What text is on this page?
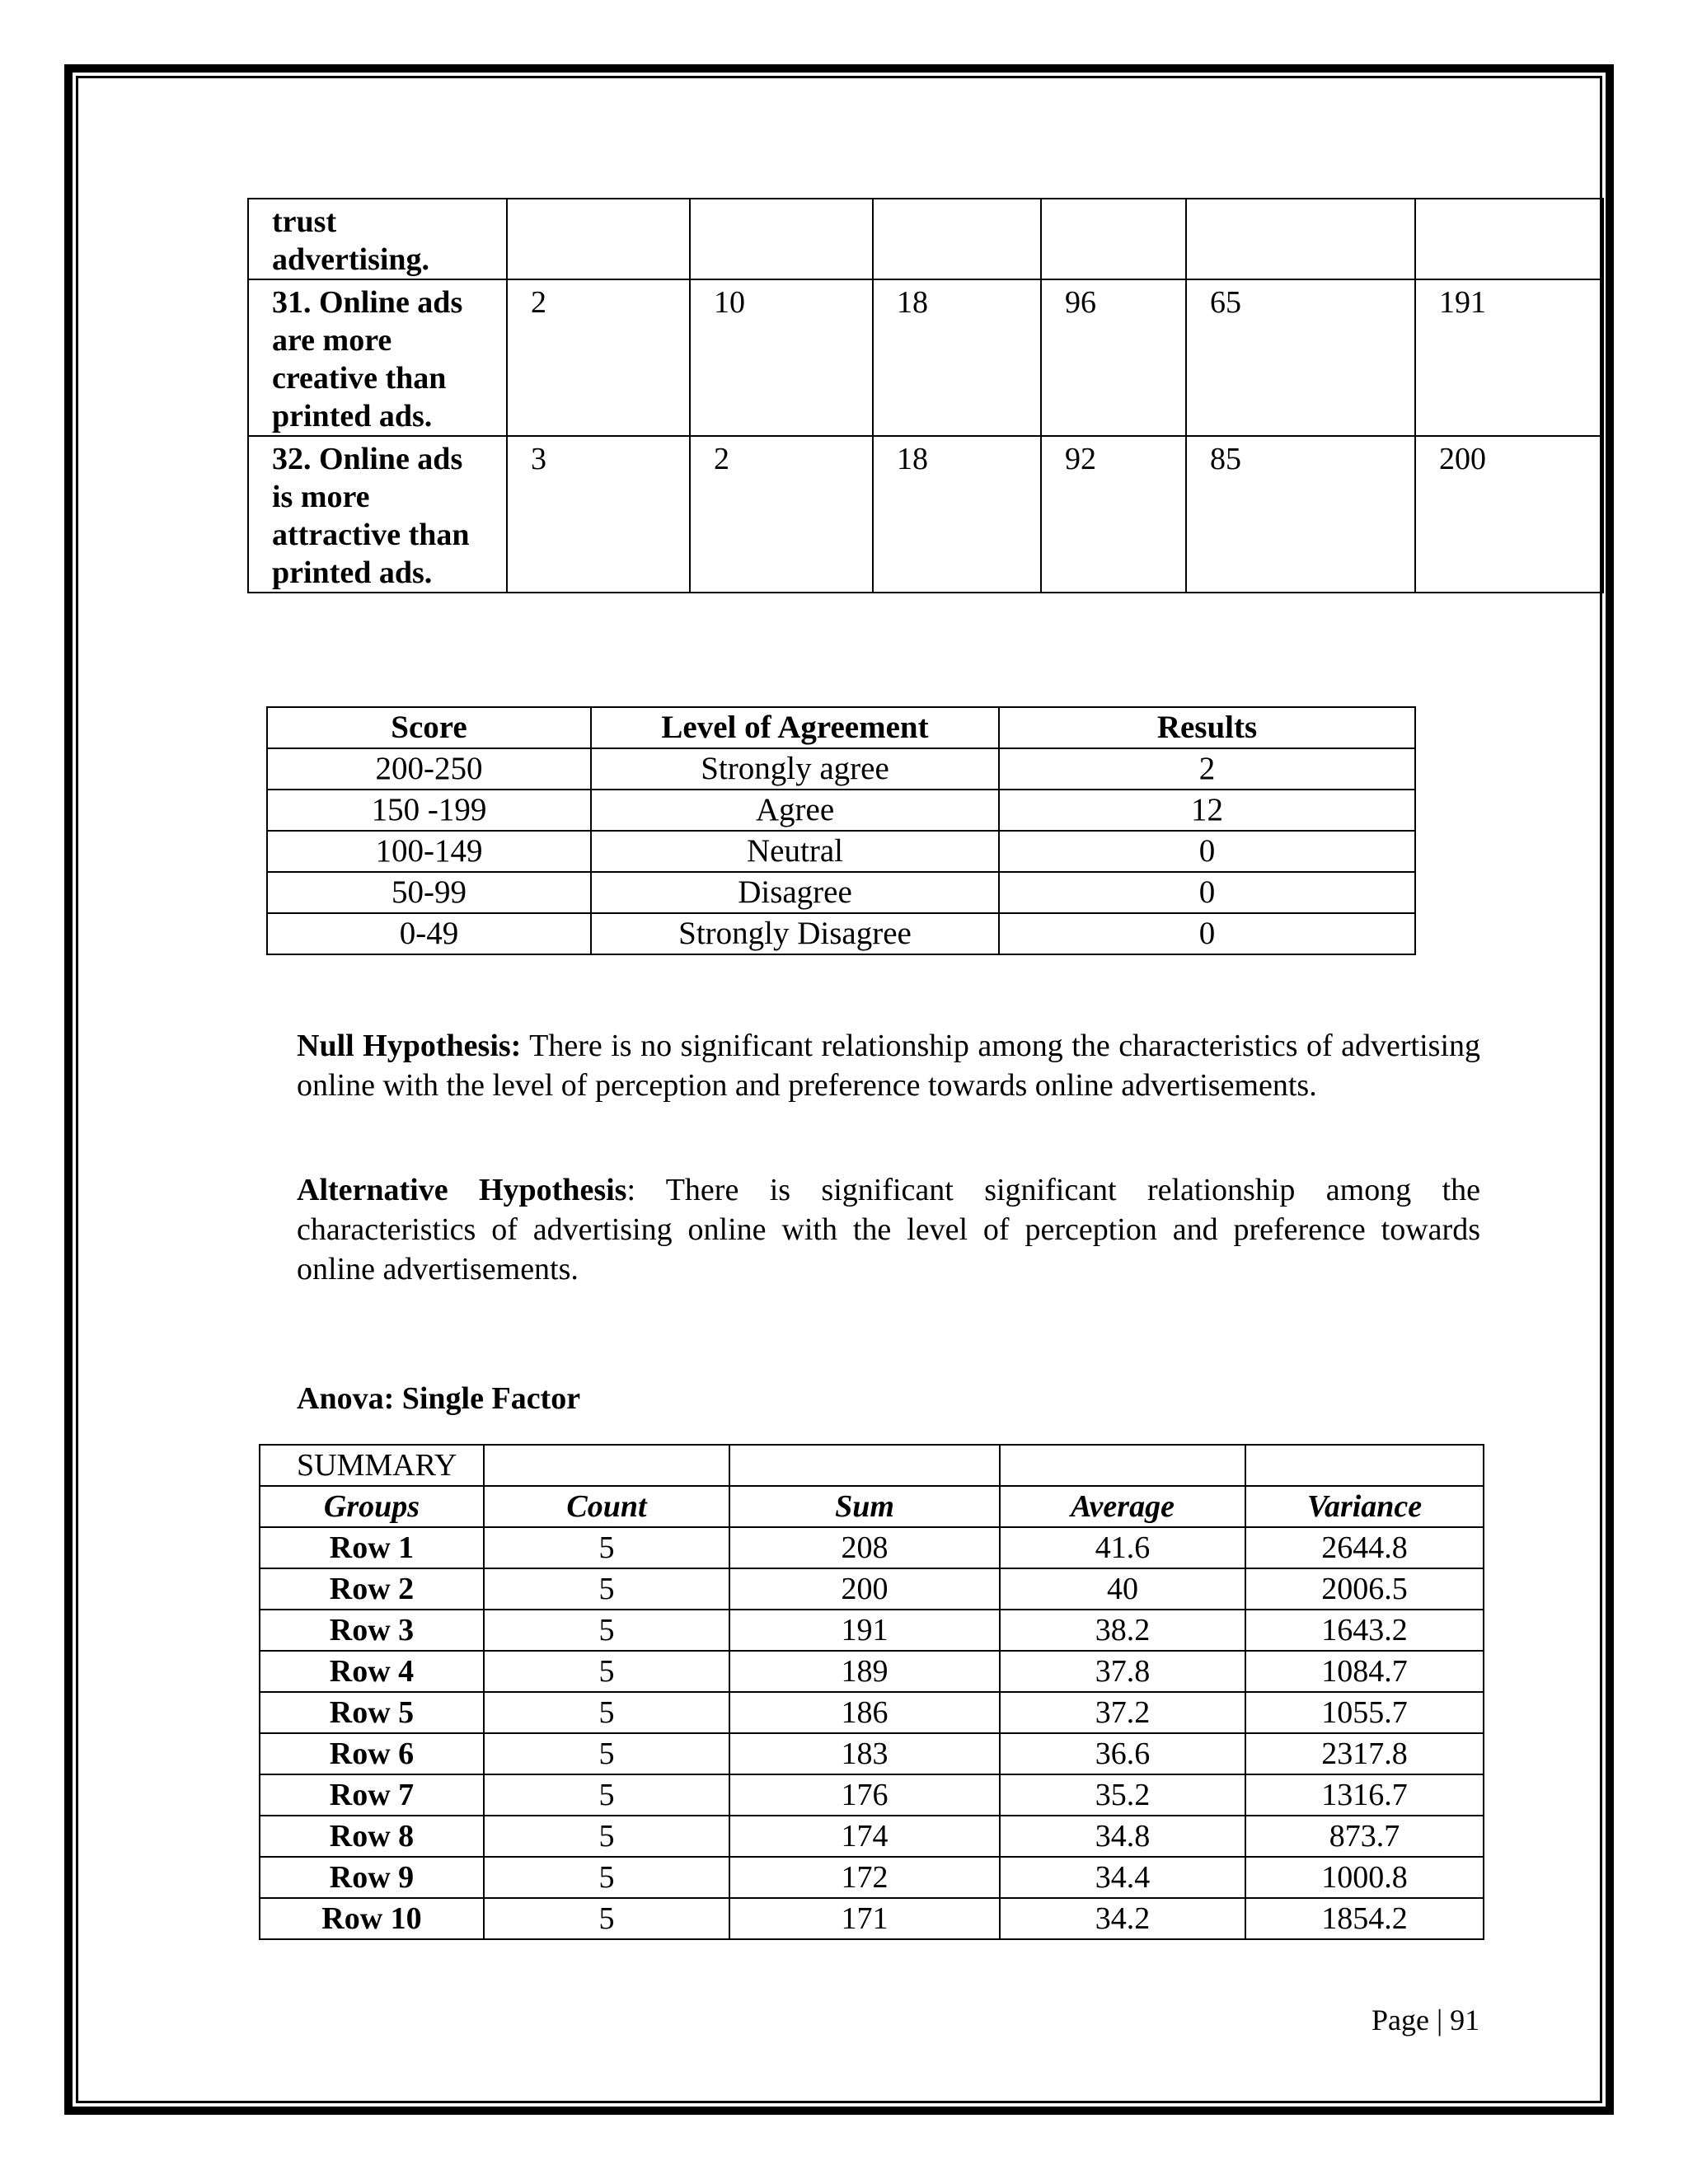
trust advertising.						
31. Online ads are more creative than printed ads.	2	10	18	96	65	191
32. Online ads is more attractive than printed ads.	3	2	18	92	85	200
Score	Level of Agreement	Results
200-250	Strongly agree	2
150 -199	Agree	12
100-149	Neutral	0
50-99	Disagree	0
0-49	Strongly Disagree	0

Null Hypothesis: There is no significant relationship among the characteristics of advertising online with the level of perception and preference towards online advertisements.

Alternative Hypothesis: There is significant significant relationship among the characteristics of advertising online with the level of perception and preference towards online advertisements.

Anova: Single Factor

SUMMARY				
Groups	Count	Sum	Average	Variance
Row 1	5	208	41.6	2644.8
Row 2	5	200	40	2006.5
Row 3	5	191	38.2	1643.2
Row 4	5	189	37.8	1084.7
Row 5	5	186	37.2	1055.7
Row 6	5	183	36.6	2317.8
Row 7	5	176	35.2	1316.7
Row 8	5	174	34.8	873.7
Row 9	5	172	34.4	1000.8
Row 10	5	171	34.2	1854.2

Page | 91
